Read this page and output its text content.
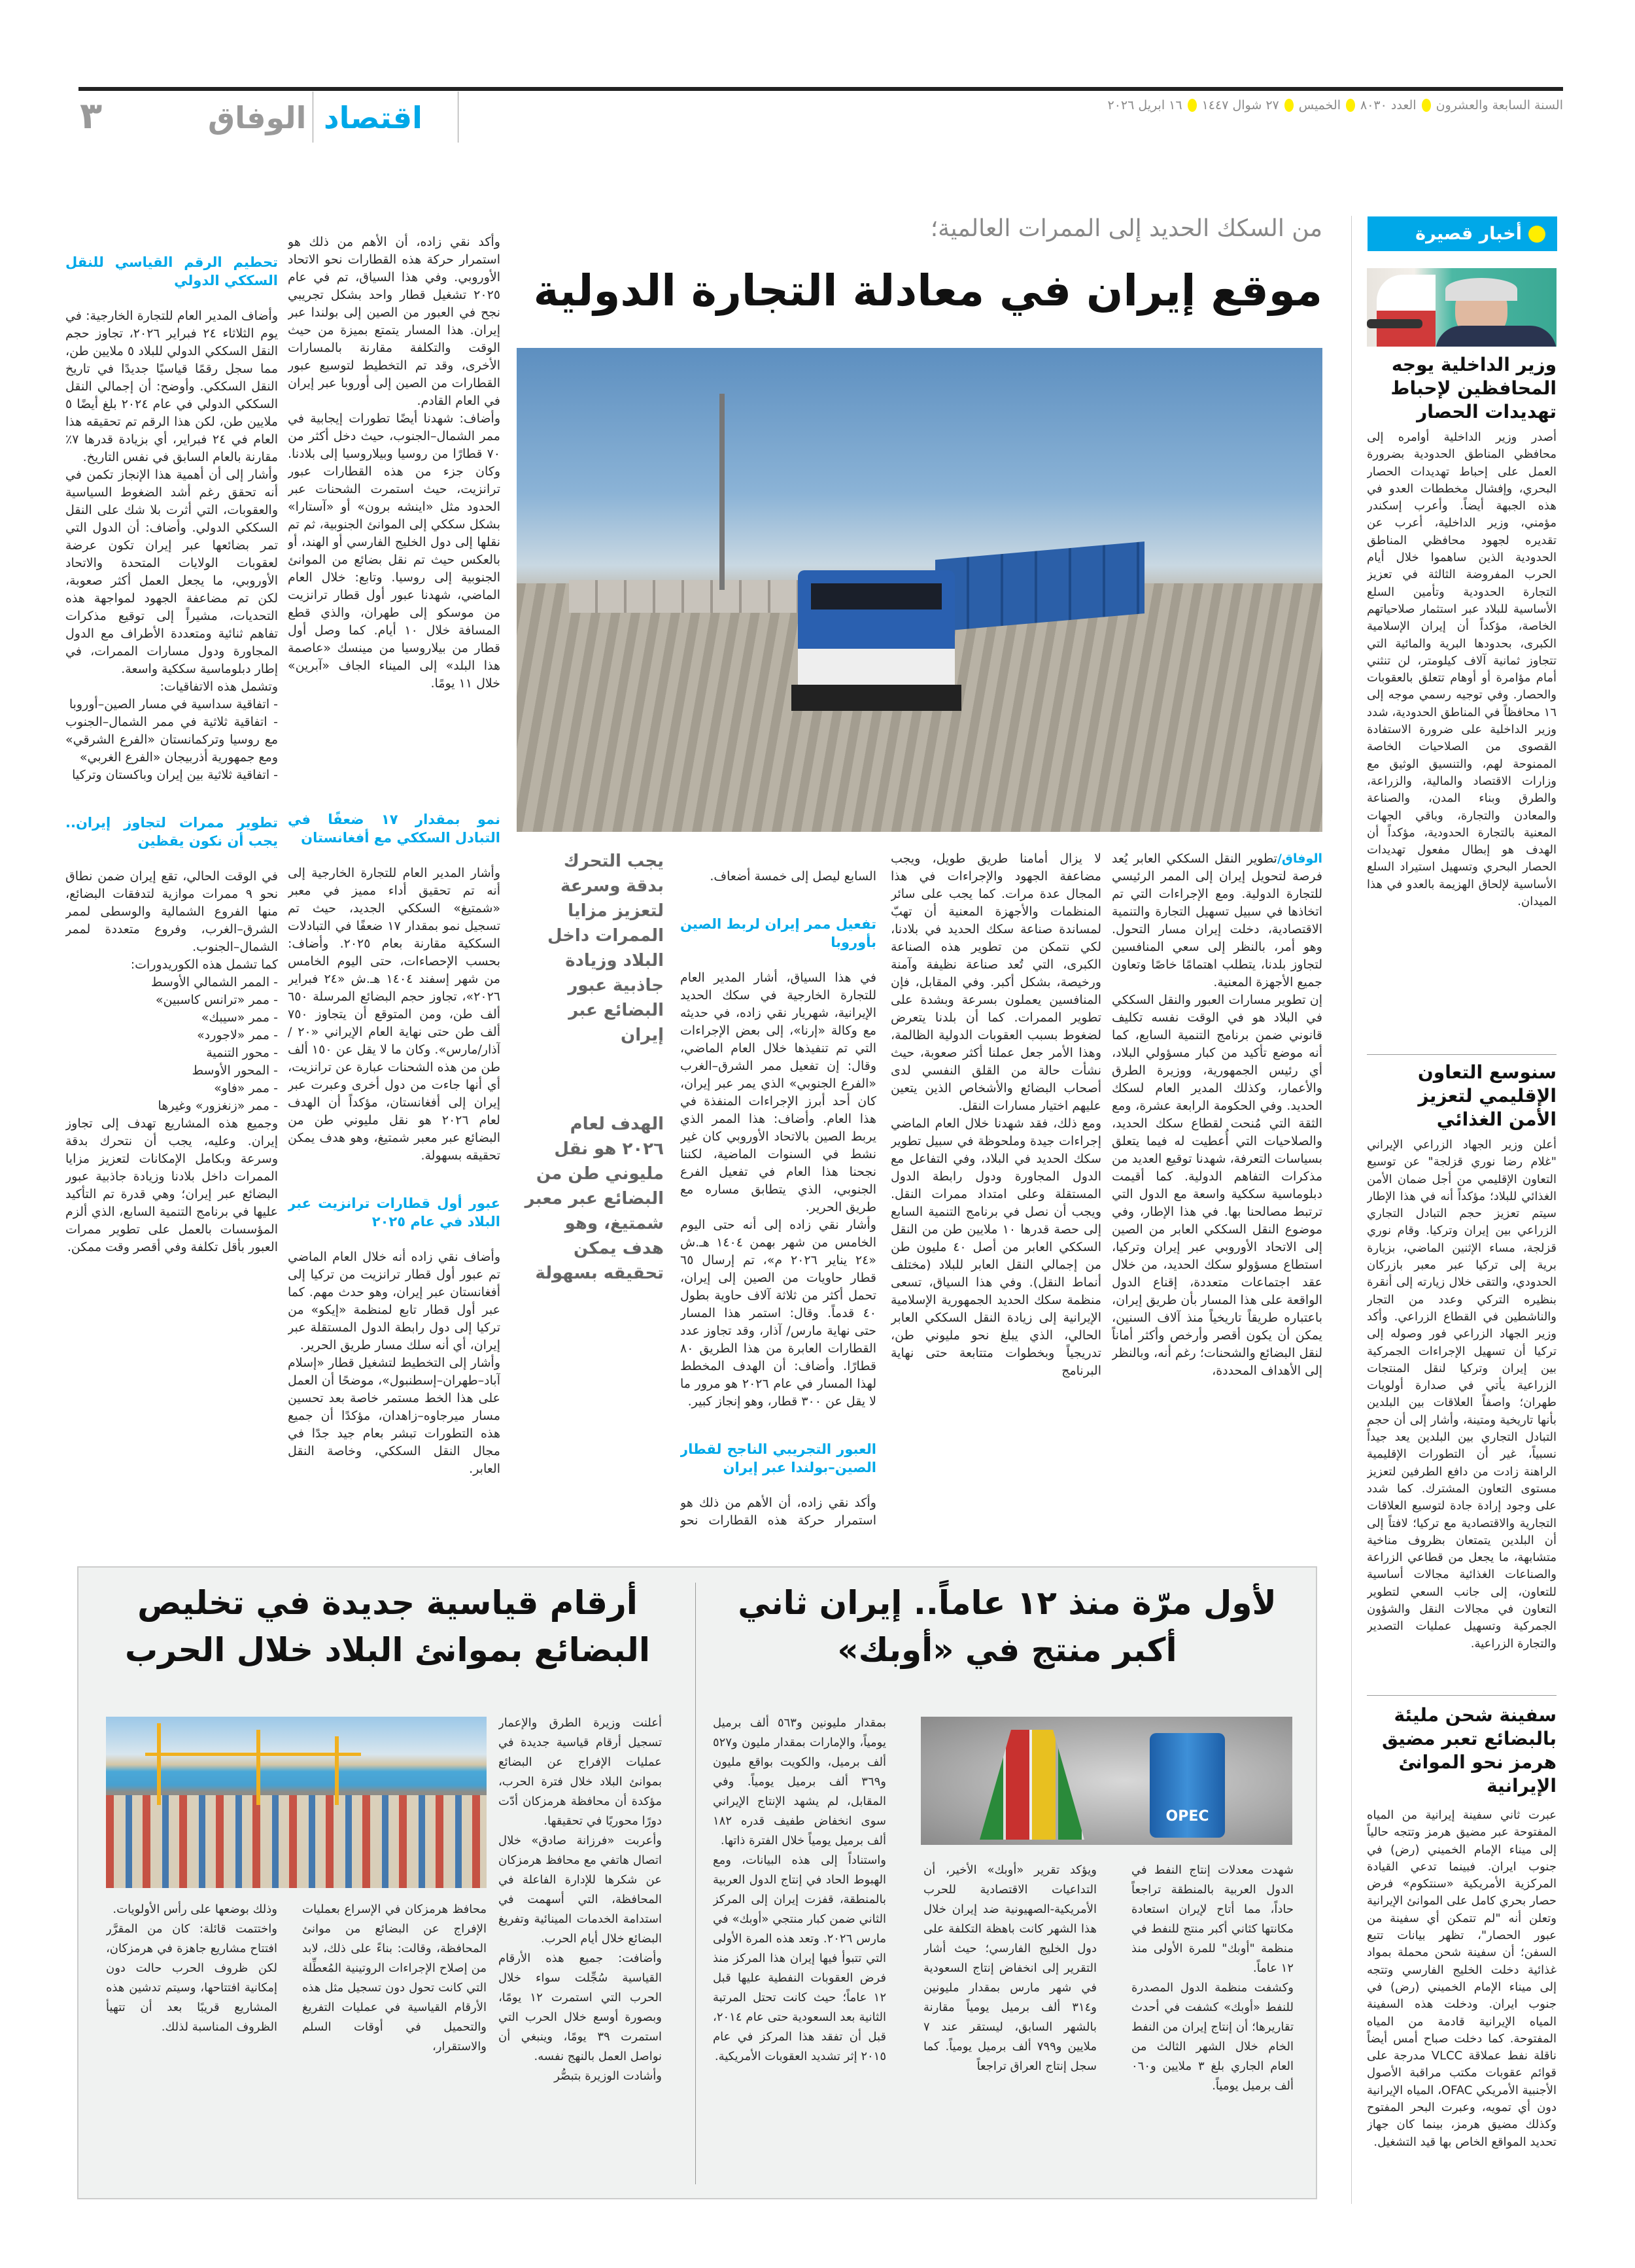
٣	الوفاق اقتصاد	السنة السابعة والعشرون
العدد ٨٠٣٠
الخميس
٢٧ شوال ١٤٤٧
١٦ ابريل ٢٠٢٦
أخبار قصيرة
وزير الداخلية يوجه المحافظين لإحباط تهديدات الحصار
أصدر وزير الداخلية أوامره إلى محافظي المناطق الحدودية بضرورة العمل على إحباط تهديدات الحصار البحري، وإفشال مخططات العدو في هذه الجبهة أيضاً. وأعرب إسكندر مؤمني، وزير الداخلية، أعرب عن تقديره لجهود محافظي المناطق الحدودية الذين ساهموا خلال أيام الحرب المفروضة الثالثة في تعزيز التجارة الحدودية وتأمين السلع الأساسية للبلاد عبر استثمار صلاحياتهم الخاصة، مؤكداً أن إيران الإسلامية الكبرى، بحدودها البرية والمائية التي تتجاوز ثمانية آلاف كيلومتر، لن تنثني أمام مؤامرة أو أوهام تتعلق بالعقوبات والحصار. وفي توجيه رسمي موجه إلى ١٦ محافظاً في المناطق الحدودية، شدد وزير الداخلية على ضرورة الاستفادة القصوى من الصلاحيات الخاصة الممنوحة لهم، والتنسيق الوثيق مع وزارات الاقتصاد والمالية، والزراعة، والطرق وبناء المدن، والصناعة والمعادن والتجارة، وباقي الجهات المعنية بالتجارة الحدودية، مؤكداً أن الهدف هو إبطال مفعول تهديدات الحصار البحري وتسهيل استيراد السلع الأساسية لإلحاق الهزيمة بالعدو في هذا الميدان.
سنوسع التعاون الإقليمي لتعزيز الأمن الغذائي
أعلن وزير الجهاد الزراعي الإيراني "غلام رضا نوري قزلجة" عن توسيع التعاون الإقليمي من أجل ضمان الأمن الغذائي للبلاد؛ مؤكداً أنه في هذا الإطار سيتم تعزيز حجم التبادل التجاري الزراعي بين إيران وتركيا. وقام نوري قزلجة، مساء الإثنين الماضي، بزيارة برية إلى تركيا عبر معبر بازركان الحدودي، والتقى خلال زيارته إلى أنقرة بنظيره التركي وعدد من التجار والناشطين في القطاع الزراعي. وأكد وزير الجهاد الزراعي فور وصوله إلى تركيا أن تسهيل الإجراءات الجمركية بين إيران وتركيا لنقل المنتجات الزراعية يأتي في صدارة أولويات طهران؛ واصفاً العلاقات بين البلدين بأنها تاريخية ومتينة، وأشار إلى أن حجم التبادل التجاري بين البلدين يعد جيداً نسبياً، غير أن التطورات الإقليمية الراهنة زادت من دافع الطرفين لتعزيز مستوى التعاون المشترك. كما شدد على وجود إرادة جادة لتوسيع العلاقات التجارية والاقتصادية مع تركيا؛ لافتاً إلى أن البلدين يتمتعان بظروف مناخية متشابهة، ما يجعل من قطاعي الزراعة والصناعات الغذائية مجالات أساسية للتعاون، إلى جانب السعي لتطوير التعاون في مجالات النقل والشؤون الجمركية وتسهيل عمليات التصدير والتجارة الزراعية.
سفينة شحن مليئة بالبضائع تعبر مضيق هرمز نحو الموانئ الإيرانية
عبرت ثاني سفينة إيرانية من المياه المفتوحة عبر مضيق هرمز وتتجه حالياً إلى ميناء الإمام الخميني (رض) في جنوب ايران. فبينما تدعي القيادة المركزية الأمريكية «سنتكوم» فرض حصار بحري كامل على الموانئ الإيرانية وتعلن أنه "لم تتمكن أي سفينة من عبور الحصار"، تظهر بيانات تتبع السفن؛ أن سفينة شحن محملة بمواد غذائية دخلت الخليج الفارسي وتتجه إلى ميناء الإمام الخميني (رض) في جنوب ايران. ودخلت هذه السفينة المياه الإيرانية قادمة من المياه المفتوحة. كما دخلت صباح أمس أيضاً ناقلة نفط عملاقة VLCC مدرجة على قوائم عقوبات مكتب مراقبة الأصول الأجنبية الأمريكي OFAC، المياه الإيرانية دون أي تمويه، وعبرت البحر المفتوح وكذلك مضيق هرمز، بينما كان جهاز تحديد المواقع الخاص بها قيد التشغيل.
من السكك الحديد إلى الممرات العالمية؛
موقع إيران في معادلة التجارة الدولية
يجب التحرك بدقة وسرعة لتعزيز مزايا الممرات داخل البلاد وزيادة جاذبية عبور البضائع عبر إيران
الهدف لعام ٢٠٢٦ هو نقل مليوني طن من البضائع عبر معبر شمتيغ، وهو هدف يمكن تحقيقه بسهولة
الوفاق/تطوير النقل السككي العابر يُعد فرصة لتحويل إيران إلى الممر الرئيسي للتجارة الدولية. ومع الإجراءات التي تم اتخاذها في سبيل تسهيل التجارة والتنمية الاقتصادية، دخلت إيران مسار التحول. وهو أمر، بالنظر إلى سعي المنافسين لتجاوز بلدنا، يتطلب اهتمامًا خاصًا وتعاون جميع الأجهزة المعنية.
إن تطوير مسارات العبور والنقل السككي في البلاد هو في الوقت نفسه تكليف قانوني ضمن برنامج التنمية السابع، كما أنه موضع تأكيد من كبار مسؤولي البلاد، أي رئيس الجمهورية، ووزيرة الطرق والأعمار، وكذلك المدير العام لسكك الحديد. وفي الحكومة الرابعة عشرة، ومع الثقة التي مُنحت لقطاع سكك الحديد، والصلاحيات التي أُعطيت له فيما يتعلق بسياسات التعرفة، شهدنا توقيع العديد من مذكرات التفاهم الدولية. كما أقيمت دبلوماسية سككية واسعة مع الدول التي ترتبط مصالحنا بها. في هذا الإطار، وفي موضوع النقل السككي العابر من الصين إلى الاتحاد الأوروبي عبر إيران وتركيا، استطاع مسؤولو سكك الحديد، من خلال عقد اجتماعات متعددة، إقناع الدول الواقعة على هذا المسار بأن طريق إيران، باعتباره طريقاً تاريخياً منذ آلاف السنين، يمكن أن يكون أقصر وأرخص وأكثر أماناً لنقل البضائع والشحنات؛ رغم أنه، وبالنظر إلى الأهداف المحددة،
لا يزال أمامنا طريق طويل، ويجب مضاعفة الجهود والإجراءات في هذا المجال عدة مرات. كما يجب على سائر المنظمات والأجهزة المعنية أن تهبّ لمساندة صناعة سكك الحديد في بلادنا، لكي نتمكن من تطوير هذه الصناعة الكبرى، التي تُعد صناعة نظيفة وآمنة ورخيصة، بشكل أكبر. وفي المقابل، فإن المنافسين يعملون بسرعة وبشدة على تطوير الممرات. كما أن بلدنا يتعرض لضغوط بسبب العقوبات الدولية الظالمة، وهذا الأمر جعل عملنا أكثر صعوبة، حيث نشأت حالة من القلق النفسي لدى أصحاب البضائع والأشخاص الذين يتعين عليهم اختيار مسارات النقل.
ومع ذلك، فقد شهدنا خلال العام الماضي إجراءات جيدة وملحوظة في سبيل تطوير سكك الحديد في البلاد، وفي التفاعل مع الدول المجاورة ودول رابطة الدول المستقلة وعلى امتداد ممرات النقل. ويجب أن نصل في برنامج التنمية السابع إلى حصة قدرها ١٠ ملايين طن من النقل السككي العابر من أصل ٤٠ مليون طن من إجمالي النقل العابر للبلاد (مختلف أنماط النقل). وفي هذا السياق، تسعى منظمة سكك الحديد الجمهورية الإسلامية الإيرانية إلى زيادة النقل السككي العابر الحالي، الذي يبلغ نحو مليوني طن، تدريجياً وبخطوات متتابعة حتى نهاية البرنامج

السابع ليصل إلى خمسة أضعاف.

تفعيل ممر إيران لربط الصين بأوروبا

في هذا السياق، أشار المدير العام للتجارة الخارجية في سكك الحديد الإيرانية، شهريار نقي زاده، في حديثه مع وكالة «إرنا»، إلى بعض الإجراءات التي تم تنفيذها خلال العام الماضي، وقال: إن تفعيل ممر الشرق–الغرب «الفرع الجنوبي» الذي يمر عبر إيران، كان أحد أبرز الإجراءات المنفذة في هذا العام. وأضاف: هذا الممر الذي يربط الصين بالاتحاد الأوروبي كان غير نشط في السنوات الماضية، لكننا نجحنا هذا العام في تفعيل الفرع الجنوبي، الذي يتطابق مساره مع طريق الحرير.
وأشار نقي زاده إلى أنه حتى اليوم الخامس من شهر بهمن ١٤٠٤ هـ.ش «٢٤ يناير ٢٠٢٦ م»، تم إرسال ٦٥ قطار حاويات من الصين إلى إيران، تحمل أكثر من ثلاثة آلاف حاوية بطول ٤٠ قدماً. وقال: استمر هذا المسار حتى نهاية مارس/ آذار، وقد تجاوز عدد القطارات العابرة من هذا الطريق ٨٠ قطارًا. وأضاف: أن الهدف المخطط لهذا المسار في عام ٢٠٢٦ هو مرور ما لا يقل عن ٣٠٠ قطار، وهو إنجاز كبير.

العبور التجريبي الناجح لقطار الصين–بولندا عبر إيران

وأكد نقي زاده، أن الأهم من ذلك هو استمرار حركة هذه القطارات نحو

وأكد نقي زاده، أن الأهم من ذلك هو استمرار حركة هذه القطارات نحو الاتحاد الأوروبي. وفي هذا السياق، تم في عام ٢٠٢٥ تشغيل قطار واحد بشكل تجريبي نجح في العبور من الصين إلى بولندا عبر إيران. هذا المسار يتمتع بميزة من حيث الوقت والتكلفة مقارنة بالمسارات الأخرى، وقد تم التخطيط لتوسيع عبور القطارات من الصين إلى أوروبا عبر إيران في العام القادم.
وأضاف: شهدنا أيضًا تطورات إيجابية في ممر الشمال–الجنوب، حيث دخل أكثر من ٧٠ قطارًا من روسيا وبيلاروسيا إلى بلادنا. وكان جزء من هذه القطارات عبور ترانزيت، حيث استمرت الشحنات عبر الحدود مثل «اينشه برون» أو «آستارا» بشكل سككي إلى الموانئ الجنوبية، ثم تم نقلها إلى دول الخليج الفارسي أو الهند، أو بالعكس حيث تم نقل بضائع من الموانئ الجنوبية إلى روسيا. وتابع: خلال العام الماضي، شهدنا عبور أول قطار ترانزيت من موسكو إلى طهران، والذي قطع المسافة خلال ١٠ أيام. كما وصل أول قطار من بيلاروسيا من مينسك «عاصمة هذا البلد» إلى الميناء الجاف «آبرين» خلال ١١ يومًا.

نمو بمقدار ١٧ ضعفًا في التبادل السككي مع أفغانستان

وأشار المدير العام للتجارة الخارجية إلى أنه تم تحقيق أداء مميز في معبر «شمتيغ» السككي الجديد، حيث تم تسجيل نمو بمقدار ١٧ ضعفًا في التبادلات السككية مقارنة بعام ٢٠٢٥. وأضاف: بحسب الإحصاءات، حتى اليوم الخامس من شهر إسفند ١٤٠٤ هـ.ش «٢٤ فبراير ٢٠٢٦»، تجاوز حجم البضائع المرسلة ٦٥٠ ألف طن، ومن المتوقع أن يتجاوز ٧٥٠ ألف طن حتى نهاية العام الإيراني «٢٠ / آذار/مارس». وكان ما لا يقل عن ١٥٠ ألف طن من هذه الشحنات عبارة عن ترانزيت، أي أنها جاءت من دول أخرى وعبرت عبر إيران إلى أفغانستان، مؤكداً أن الهدف لعام ٢٠٢٦ هو نقل مليوني طن من البضائع عبر معبر شمتيغ، وهو هدف يمكن تحقيقه بسهولة.

عبور أول قطارات ترانزيت عبر البلاد في عام ٢٠٢٥

وأضاف نقي زاده أنه خلال العام الماضي تم عبور أول قطار ترانزيت من تركيا إلى أفغانستان عبر إيران، وهو حدث مهم. كما عبر أول قطار تابع لمنظمة «إيكو» من تركيا إلى دول رابطة الدول المستقلة عبر إيران، أي أنه سلك مسار طريق الحرير.
وأشار إلى التخطيط لتشغيل قطار «إسلام آباد–طهران–إسطنبول»، موضحًا أن العمل على هذا الخط مستمر خاصة بعد تحسين مسار ميرجاوه–زاهدان، مؤكدًا أن جميع هذه التطورات تبشر بعام جيد جدًا في مجال النقل السككي، وخاصة النقل العابر.

تحطيم الرقم القياسي للنقل السككي الدولي

وأضاف المدير العام للتجارة الخارجية: في يوم الثلاثاء ٢٤ فبراير ٢٠٢٦، تجاوز حجم النقل السككي الدولي للبلاد ٥ ملايين طن، مما سجل رقمًا قياسيًا جديدًا في تاريخ النقل السككي. وأوضح: أن إجمالي النقل السككي الدولي في عام ٢٠٢٤ بلغ أيضًا ٥ ملايين طن، لكن هذا الرقم تم تحقيقه هذا العام في ٢٤ فبراير، أي بزيادة قدرها ٧٪ مقارنة بالعام السابق في نفس التاريخ.
وأشار إلى أن أهمية هذا الإنجاز تكمن في أنه تحقق رغم أشد الضغوط السياسية والعقوبات، التي أثرت بلا شك على النقل السككي الدولي. وأضاف: أن الدول التي تمر بضائعها عبر إيران تكون عرضة لعقوبات الولايات المتحدة والاتحاد الأوروبي، ما يجعل العمل أكثر صعوبة، لكن تم مضاعفة الجهود لمواجهة هذه التحديات، مشيراً إلى توقيع مذكرات تفاهم ثنائية ومتعددة الأطراف مع الدول المجاورة ودول مسارات الممرات، في إطار دبلوماسية سككية واسعة.
وتشمل هذه الاتفاقيات:
- اتفاقية سداسية في مسار الصين–أوروبا
- اتفاقية ثلاثية في ممر الشمال–الجنوب مع روسيا وتركمانستان «الفرع الشرقي» ومع جمهورية أذربيجان «الفرع الغربي»
- اتفاقية ثلاثية بين إيران وباكستان وتركيا

تطوير ممرات لتجاوز إيران.. يجب أن نكون يقظين

في الوقت الحالي، تقع إيران ضمن نطاق نحو ٩ ممرات موازية لتدفقات البضائع، منها الفروع الشمالية والوسطى لممر الشرق–الغرب، وفروع متعددة لممر الشمال–الجنوب.
كما تشمل هذه الكوريدورات:
- الممر الشمالي الأوسط
- ممر «ترانس كاسبين»
- ممر «سيبك»
- ممر «لاجورد»
- محور التنمية
- المحور الأوسط
- ممر «فاو»
- ممر «زنغزور» وغيرها
وجميع هذه المشاريع تهدف إلى تجاوز إيران. وعليه، يجب أن نتحرك بدقة وسرعة وبكامل الإمكانات لتعزيز مزايا الممرات داخل بلادنا وزيادة جاذبية عبور البضائع عبر إيران؛ وهي قدرة تم التأكيد عليها في برنامج التنمية السابع، الذي ألزم المؤسسات بالعمل على تطوير ممرات العبور بأقل تكلفة وفي أقصر وقت ممكن.

لأول مرّة منذ ١٢ عاماً.. إيران ثاني أكبر منتج في «أوبك»
OPEC
شهدت معدلات إنتاج النفط في الدول العربية بالمنطقة تراجعاً حاداً، مما أتاح لإيران استعادة مكانتها كثاني أكبر منتج للنفط في منظمة "أوبك" للمرة الأولى منذ ١٢ عاماً.
وكشفت منظمة الدول المصدرة للنفط «أوبك» كشفت في أحدث تقاريرها؛ أن إنتاج إيران من النفط الخام خلال الشهر الثالث من العام الجاري بلغ ٣ ملايين و٠٦٠ ألف برميل يومياً.
ويؤكد تقرير «أوبك» الأخير، أن التداعيات الاقتصادية للحرب الأمريكية-الصهيونية ضد إيران خلال هذا الشهر كانت باهظة التكلفة على دول الخليج الفارسي؛ حيث أشار التقرير إلى انخفاض إنتاج السعودية في شهر مارس بمقدار مليونين و٣١٤ ألف برميل يومياً مقارنة بالشهر السابق، ليستقر عند ٧ ملايين و٧٩٩ ألف برميل يومياً. كما سجل إنتاج العراق تراجعاً
بمقدار مليونين و٥٦٣ ألف برميل يومياً، والإمارات بمقدار مليون و٥٢٧ ألف برميل، والكويت بواقع مليون و٣٦٩ ألف برميل يومياً. وفي المقابل، لم يشهد الإنتاج الإيراني سوى انخفاض طفيف قدره ١٨٢ ألف برميل يومياً خلال الفترة ذاتها.
واستناداً إلى هذه البيانات، ومع الهبوط الحاد في إنتاج الدول العربية بالمنطقة، قفزت إيران إلى المركز الثاني ضمن كبار منتجي «أوبك» في مارس ٢٠٢٦. وتعد هذه المرة الأولى التي تتبوأ فيها إيران هذا المركز منذ فرض العقوبات النفطية عليها قبل ١٢ عاماً؛ حيث كانت تحتل المرتبة الثانية بعد السعودية حتى عام ٢٠١٤، قبل أن تفقد هذا المركز في عام ٢٠١٥ إثر تشديد العقوبات الأمريكية.
أرقام قياسية جديدة في تخليص البضائع بموانئ البلاد خلال الحرب
أعلنت وزيرة الطرق والإعمار تسجيل أرقام قياسية جديدة في عمليات الإفراج عن البضائع بموانئ البلاد خلال فترة الحرب، مؤكدة أن محافظة هرمزكان أدّت دورًا محوريًا في تحقيقها.
وأعربت «فرزانة صادق» خلال اتصال هاتفي مع محافظ هرمزكان عن شكرها للإدارة الفاعلة في المحافظة، التي أسهمت في استدامة الخدمات المينائية وتفريغ البضائع خلال أيام الحرب.
وأضافت: جميع هذه الأرقام القياسية سُجِّلت سواء خلال الحرب التي استمرت ١٢ يومًا، وبصورة أوسع خلال الحرب التي استمرت ٣٩ يومًا، وينبغي أن نواصل العمل بالنهج نفسه.
وأشادت الوزيرة بتبصُّر
محافظ هرمزكان في الإسراع بعمليات الإفراج عن البضائع من موانئ المحافظة، وقالت: بناءً على ذلك، لابد من إصلاح الإجراءات الروتينية المُعطِّلة التي كانت تحول دون تسجيل مثل هذه الأرقام القياسية في عمليات التفريغ والتحميل في أوقات السلم والاستقرار،
وذلك بوضعها على رأس الأولويات.
واختتمت قائلة: كان من المقرَّر افتتاح مشاريع جاهزة في هرمزكان، لكن ظروف الحرب حالت دون إمكانية افتتاحها، وسيتم تدشين هذه المشاريع قريبًا بعد أن تتهيأ الظروف المناسبة لذلك.
